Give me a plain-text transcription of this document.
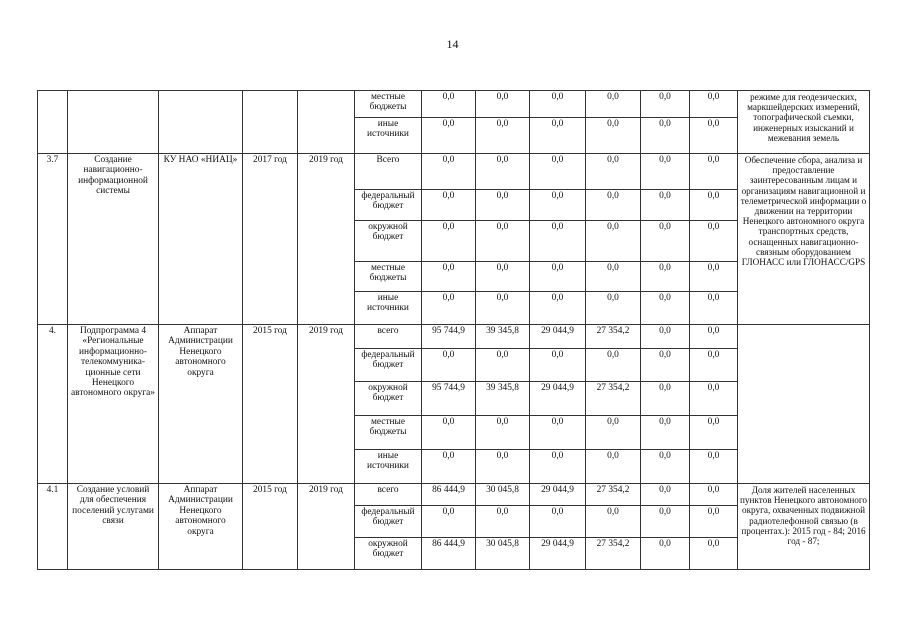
14
					местные бюджеты	0,0	0,0	0,0	0,0	0,0	0,0	режиме для геодезических, маркшейдерских измерений, топографической съемки, инженерных изысканий и межевания земель
					иные источники	0,0	0,0	0,0	0,0	0,0	0,0	
3.7	Создание навигационно-информационной системы	КУ НАО «НИАЦ»	2017 год	2019 год	Всего	0,0	0,0	0,0	0,0	0,0	0,0	Обеспечение сбора, анализа и предоставление заинтересованным лицам и организациям навигационной и телеметрической информации о движении на территории Ненецкого автономного округа транспортных средств, оснащенных навигационно-связным оборудованием ГЛОНАСС или ГЛОНАСС/GPS
					федеральный бюджет	0,0	0,0	0,0	0,0	0,0	0,0	
					окружной бюджет	0,0	0,0	0,0	0,0	0,0	0,0	
					местные бюджеты	0,0	0,0	0,0	0,0	0,0	0,0	
					иные источники	0,0	0,0	0,0	0,0	0,0	0,0	
4.	Подпрограмма 4 «Региональные информационно-телекоммуника-ционные сети Ненецкого автономного округа»	Аппарат Администрации Ненецкого автономного округа	2015 год	2019 год	всего	95 744,9	39 345,8	29 044,9	27 354,2	0,0	0,0	
					федеральный бюджет	0,0	0,0	0,0	0,0	0,0	0,0	
					окружной бюджет	95 744,9	39 345,8	29 044,9	27 354,2	0,0	0,0	
					местные бюджеты	0,0	0,0	0,0	0,0	0,0	0,0	
					иные источники	0,0	0,0	0,0	0,0	0,0	0,0	
4.1	Создание условий для обеспечения поселений услугами связи	Аппарат Администрации Ненецкого автономного округа	2015 год	2019 год	всего	86 444,9	30 045,8	29 044,9	27 354,2	0,0	0,0	Доля жителей населенных пунктов Ненецкого автономного округа, охваченных подвижной радиотелефонной связью (в процентах.): 2015 год - 84; 2016 год - 87;
					федеральный бюджет	0,0	0,0	0,0	0,0	0,0	0,0	
					окружной бюджет	86 444,9	30 045,8	29 044,9	27 354,2	0,0	0,0	
